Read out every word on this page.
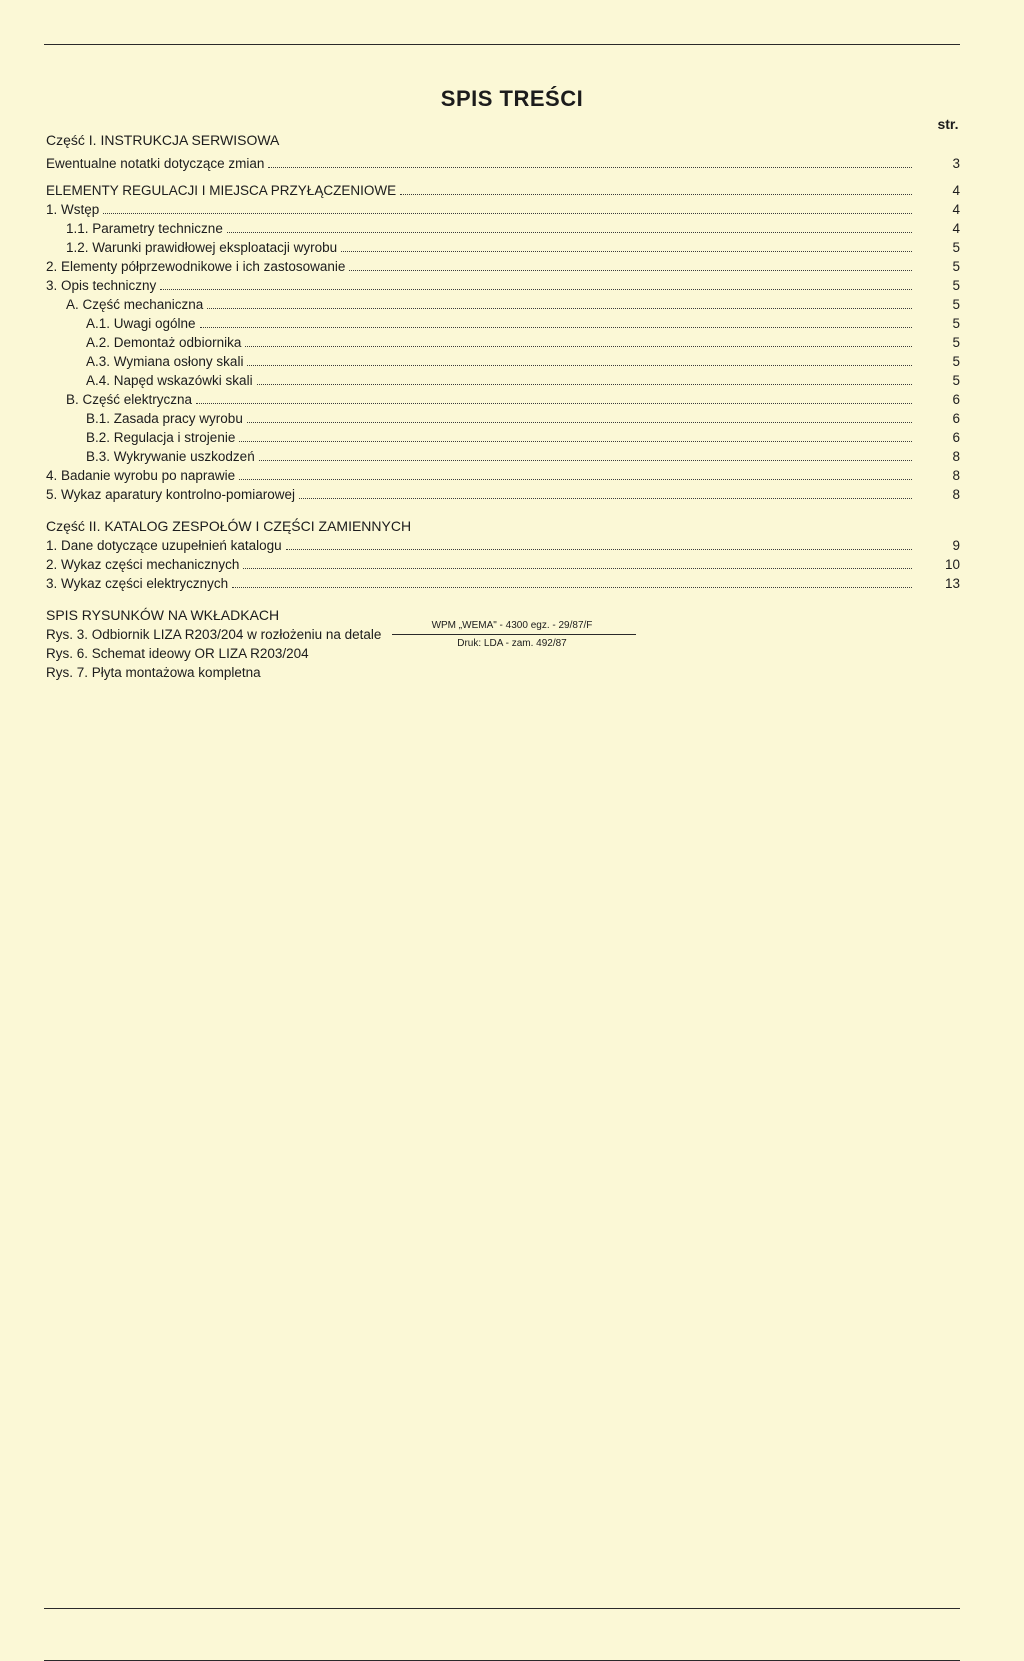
SPIS TREŚCI
str.
Część I. INSTRUKCJA SERWISOWA
Ewentualne notatki dotyczące zmian	3
ELEMENTY REGULACJI I MIEJSCA PRZYŁĄCZENIOWE	4
1. Wstęp	4
1.1. Parametry techniczne	4
1.2. Warunki prawidłowej eksploatacji wyrobu	5
2. Elementy półprzewodnikowe i ich zastosowanie	5
3. Opis techniczny	5
A. Część mechaniczna	5
A.1. Uwagi ogólne	5
A.2. Demontaż odbiornika	5
A.3. Wymiana osłony skali	5
A.4. Napęd wskazówki skali	5
B. Część elektryczna	6
B.1. Zasada pracy wyrobu	6
B.2. Regulacja i strojenie	6
B.3. Wykrywanie uszkodzeń	8
4. Badanie wyrobu po naprawie	8
5. Wykaz aparatury kontrolno-pomiarowej	8
Część II. KATALOG ZESPOŁÓW I CZĘŚCI ZAMIENNYCH
1. Dane dotyczące uzupełnień katalogu	9
2. Wykaz części mechanicznych	10
3. Wykaz części elektrycznych	13
SPIS RYSUNKÓW NA WKŁADKACH
Rys. 3. Odbiornik LIZA R203/204 w rozłożeniu na detale
Rys. 6. Schemat ideowy OR LIZA R203/204
Rys. 7. Płyta montażowa kompletna
WPM „WEMA" - 4300 egz. - 29/87/F
Druk: LDA - zam. 492/87
